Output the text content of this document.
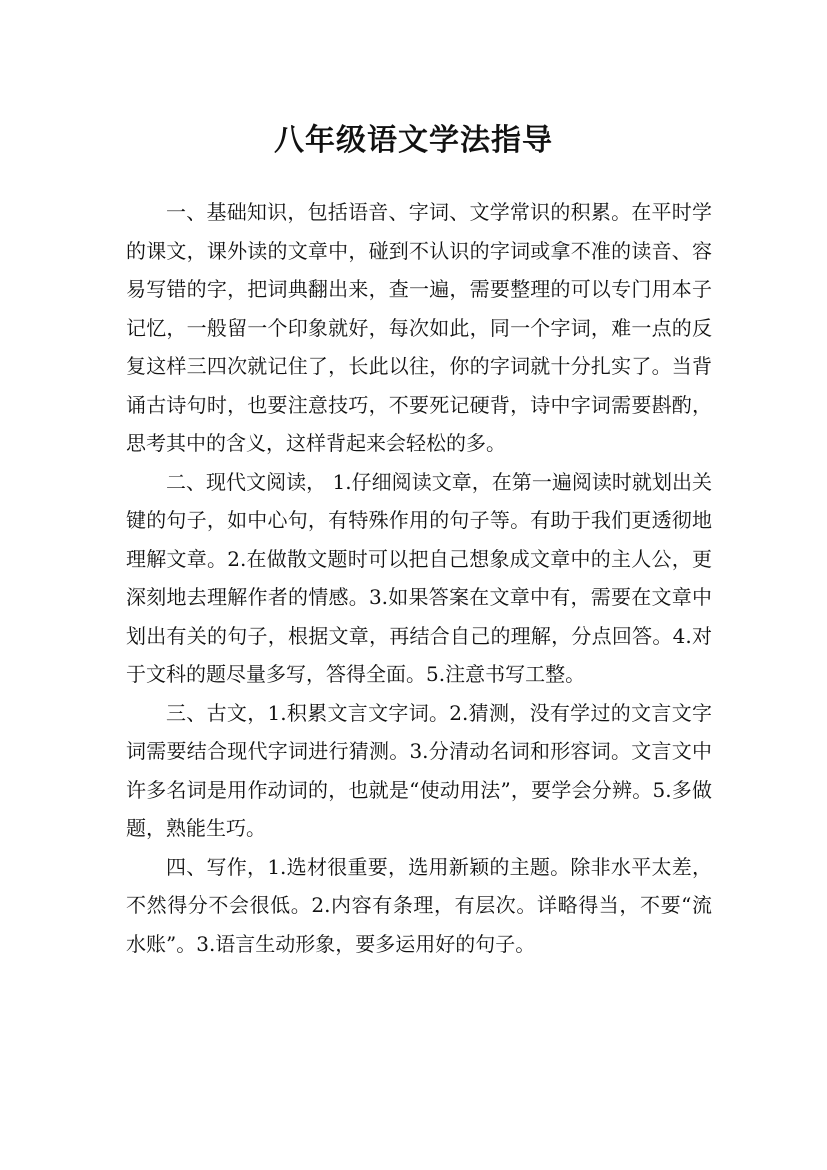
八年级语文学法指导

一、基础知识，包括语音、字词、文学常识的积累。在平时学的课文，课外读的文章中，碰到不认识的字词或拿不准的读音、容易写错的字，把词典翻出来，查一遍，需要整理的可以专门用本子记忆，一般留一个印象就好，每次如此，同一个字词，难一点的反复这样三四次就记住了，长此以往，你的字词就十分扎实了。当背诵古诗句时，也要注意技巧，不要死记硬背，诗中字词需要斟酌，思考其中的含义，这样背起来会轻松的多。

二、现代文阅读， 1.仔细阅读文章，在第一遍阅读时就划出关键的句子，如中心句，有特殊作用的句子等。有助于我们更透彻地理解文章。2.在做散文题时可以把自己想象成文章中的主人公，更深刻地去理解作者的情感。3.如果答案在文章中有，需要在文章中划出有关的句子，根据文章，再结合自己的理解，分点回答。4.对于文科的题尽量多写，答得全面。5.注意书写工整。

三、古文，1.积累文言文字词。2.猜测，没有学过的文言文字词需要结合现代字词进行猜测。3.分清动名词和形容词。文言文中许多名词是用作动词的，也就是“使动用法”，要学会分辨。5.多做题，熟能生巧。

四、写作，1.选材很重要，选用新颖的主题。除非水平太差，不然得分不会很低。2.内容有条理，有层次。详略得当，不要“流水账”。3.语言生动形象，要多运用好的句子。
